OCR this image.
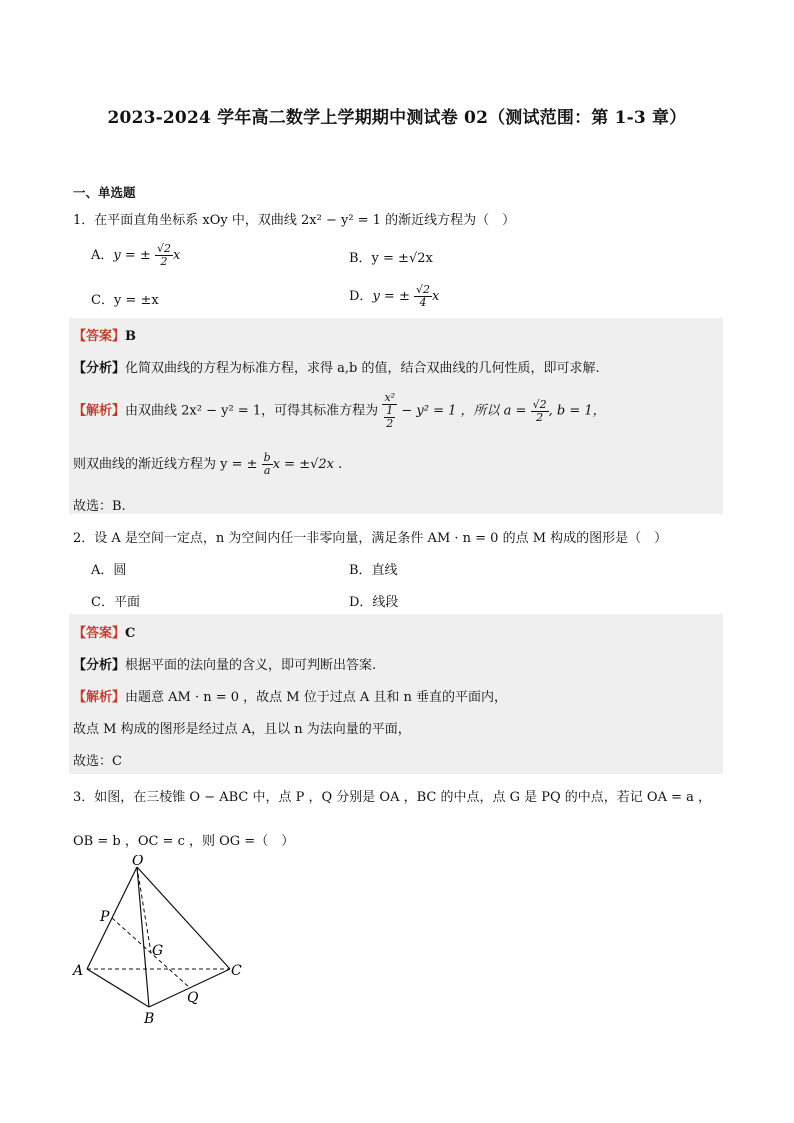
2023-2024 学年高二数学上学期期中测试卷 02（测试范围：第 1-3 章）
一、单选题
1．在平面直角坐标系 xOy 中，双曲线 2x² − y² = 1 的渐近线方程为（　）
A．y = ± $\frac{√2}{2}$ x	B．y = ±√2x
C．y = ±x	D．y = ± $\frac{√2}{4}$ x
【答案】B
【分析】化简双曲线的方程为标准方程，求得 a,b 的值，结合双曲线的几何性质，即可求解.
【解析】由双曲线 2x² − y² = 1，可得其标准方程为 $\frac{\text{x²}}{\frac{1}{2}} - y^2 = 1$ ，所以 $a = \frac{√2}{2}$ , b = 1，
则双曲线的渐近线方程为 y = ± $\frac{b}{a}$ x = ±√2x .
故选：B.
2．设 A 是空间一定点，n 为空间内任一非零向量，满足条件 AM · n = 0 的点 M 构成的图形是（　）
A．圆	B．直线
C．平面	D．线段
【答案】C
【分析】根据平面的法向量的含义，即可判断出答案.
【解析】由题意 AM · n = 0 ，故点 M 位于过点 A 且和 n 垂直的平面内，
故点 M 构成的图形是经过点 A，且以 n 为法向量的平面，
故选：C
3．如图，在三棱锥 O − ABC 中，点 P ，Q 分别是 OA ，BC 的中点，点 G 是 PQ 的中点，若记 OA = a ，
OB = b ，OC = c ，则 OG =（　）
O
P
G
A
B
C
Q
